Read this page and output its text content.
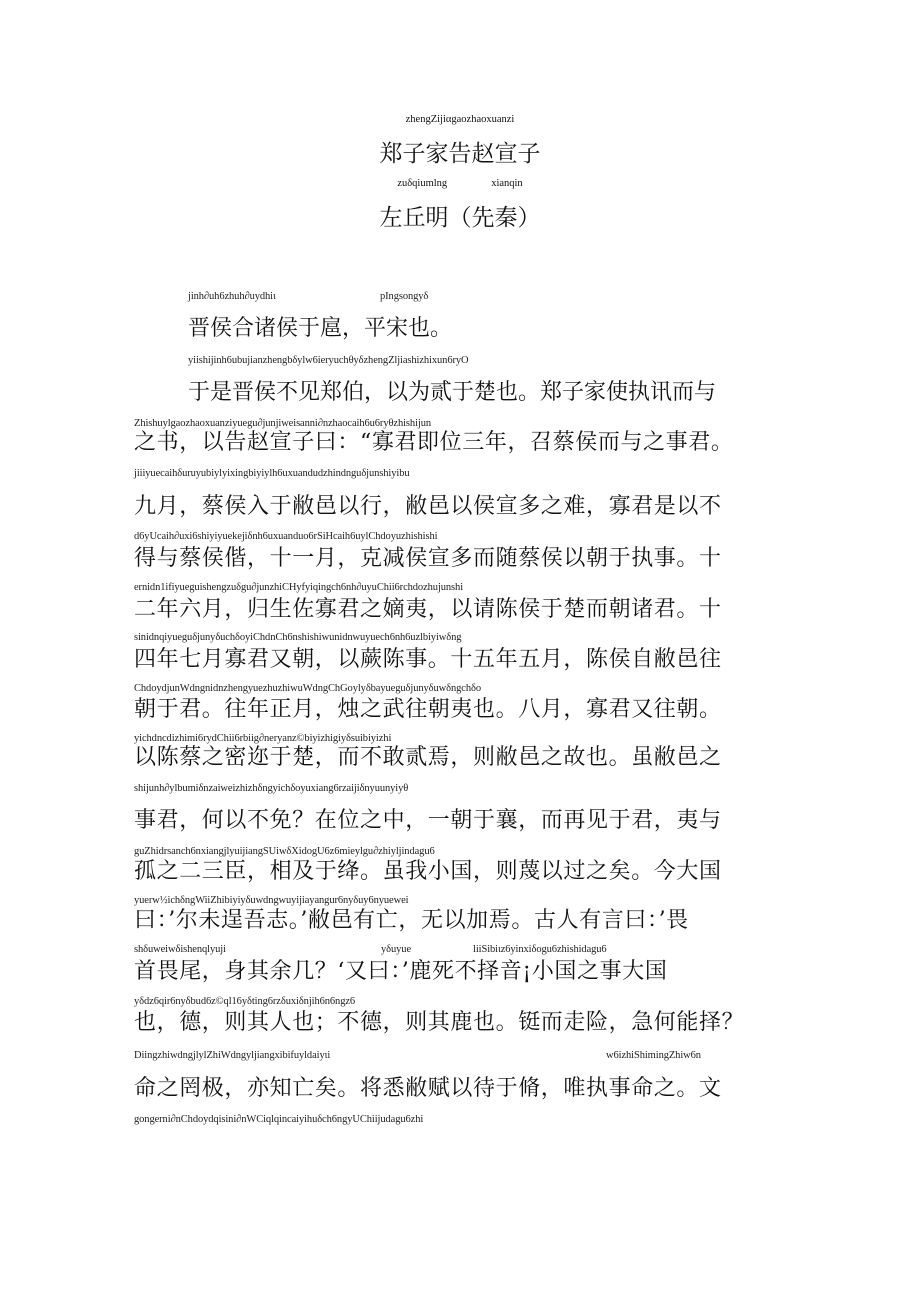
zhengZijiαgaozhaoxuanzi
郑子家告赵宣子
zuδqiumlng	xianqin
左丘明（先秦）
jinh∂uh6zhuh∂uydhiι	pIngsongyδ
晋侯合诸侯于扈，平宋也。
yiishijinh6ubujianzhengbδylw6ieryuchθyδzhengZljiashizhixun6ryO
于是晋侯不见郑伯，以为贰于楚也。郑子家使执讯而与
Zhishuylgaozhaoxuanziyuegu∂junjiweisanni∂nzhaocaih6u6ryθzhishijun
之书，以告赵宣子曰：“寡君即位三年，召蔡侯而与之事君。
jiiiyuecaihδuruyubiylyixingbiyiylh6uxuandudzhindnguδjunshiyibu
九月，蔡侯入于敝邑以行，敝邑以侯宣多之难，寡君是以不
d6yUcaih∂uxi6shiyiyuekejiδnh6uxuanduo6rSiHcaih6uylChdoyuzhishishi
得与蔡侯偕，十一月，克减侯宣多而随蔡侯以朝于执事。十
ernidn1ifiyueguishengzuδgu∂junzhiCHyfyiqingch6nh∂uyuChii6rchdozhujunshi
二年六月，归生佐寡君之嫡夷，以请陈侯于楚而朝诸君。十
sinidnqiyueguδjunyδuchδoyiChdnCh6nshishiwunidnwuyuech6nh6uzlbiyiwδng
四年七月寡君又朝，以蕨陈事。十五年五月，陈侯自敝邑往
ChdoydjunWdngnidnzhengyuezhuzhiwuWdngChGoylyδbayueguδjunyδuwδngchδo
朝于君。往年正月，烛之武往朝夷也。八月，寡君又往朝。
yichdncdizhimi6rydChii6rbiig∂neryanz©biyizhigiyδsuibiyizhi
以陈蔡之密迩于楚，而不敢贰焉，则敝邑之故也。虽敝邑之
shijunh∂ylbumiδnzaiweizhizhδngyichδoyuxiang6rzaijiδnyuunyiyθ
事君，何以不免？在位之中，一朝于襄，而再见于君，夷与
guZhidrsanch6nxiangjlyuijiangSUiwδXidogU6z6mieylgu∂zhiyljindagu6
孤之二三臣，相及于绛。虽我小国，则蔑以过之矣。今大国
yuerw½ichδngWiiZhibiyiyδuwdngwuyijiayangur6nyδuy6nyuewei
曰：’尔未逞吾志。’敝邑有亡，无以加焉。古人有言曰：’畏
shδuweiwδishenqlyuji	yδuyue	liiSibiιz6yinxiδogu6zhishidagu6
首畏尾，身其余几？‘又曰：’鹿死不择音¡小国之事大国
yδdz6qir6nyδbud6z©ql16yδting6rzδuxiδnjih6n6ngz6
也，德，则其人也；不德，则其鹿也。铤而走险，急何能择？
DiingzhiwdngjlylZhiWdngyljiangxibifuyldaiyιi	w6izhiShimingZhiw6n
命之罔极，亦知亡矣。将悉敝赋以待于脩，唯执事命之。文
gongerni∂nChdoydqisini∂nWCiqlqincaiyihuδch6ngyUChiijudagu6zhi
